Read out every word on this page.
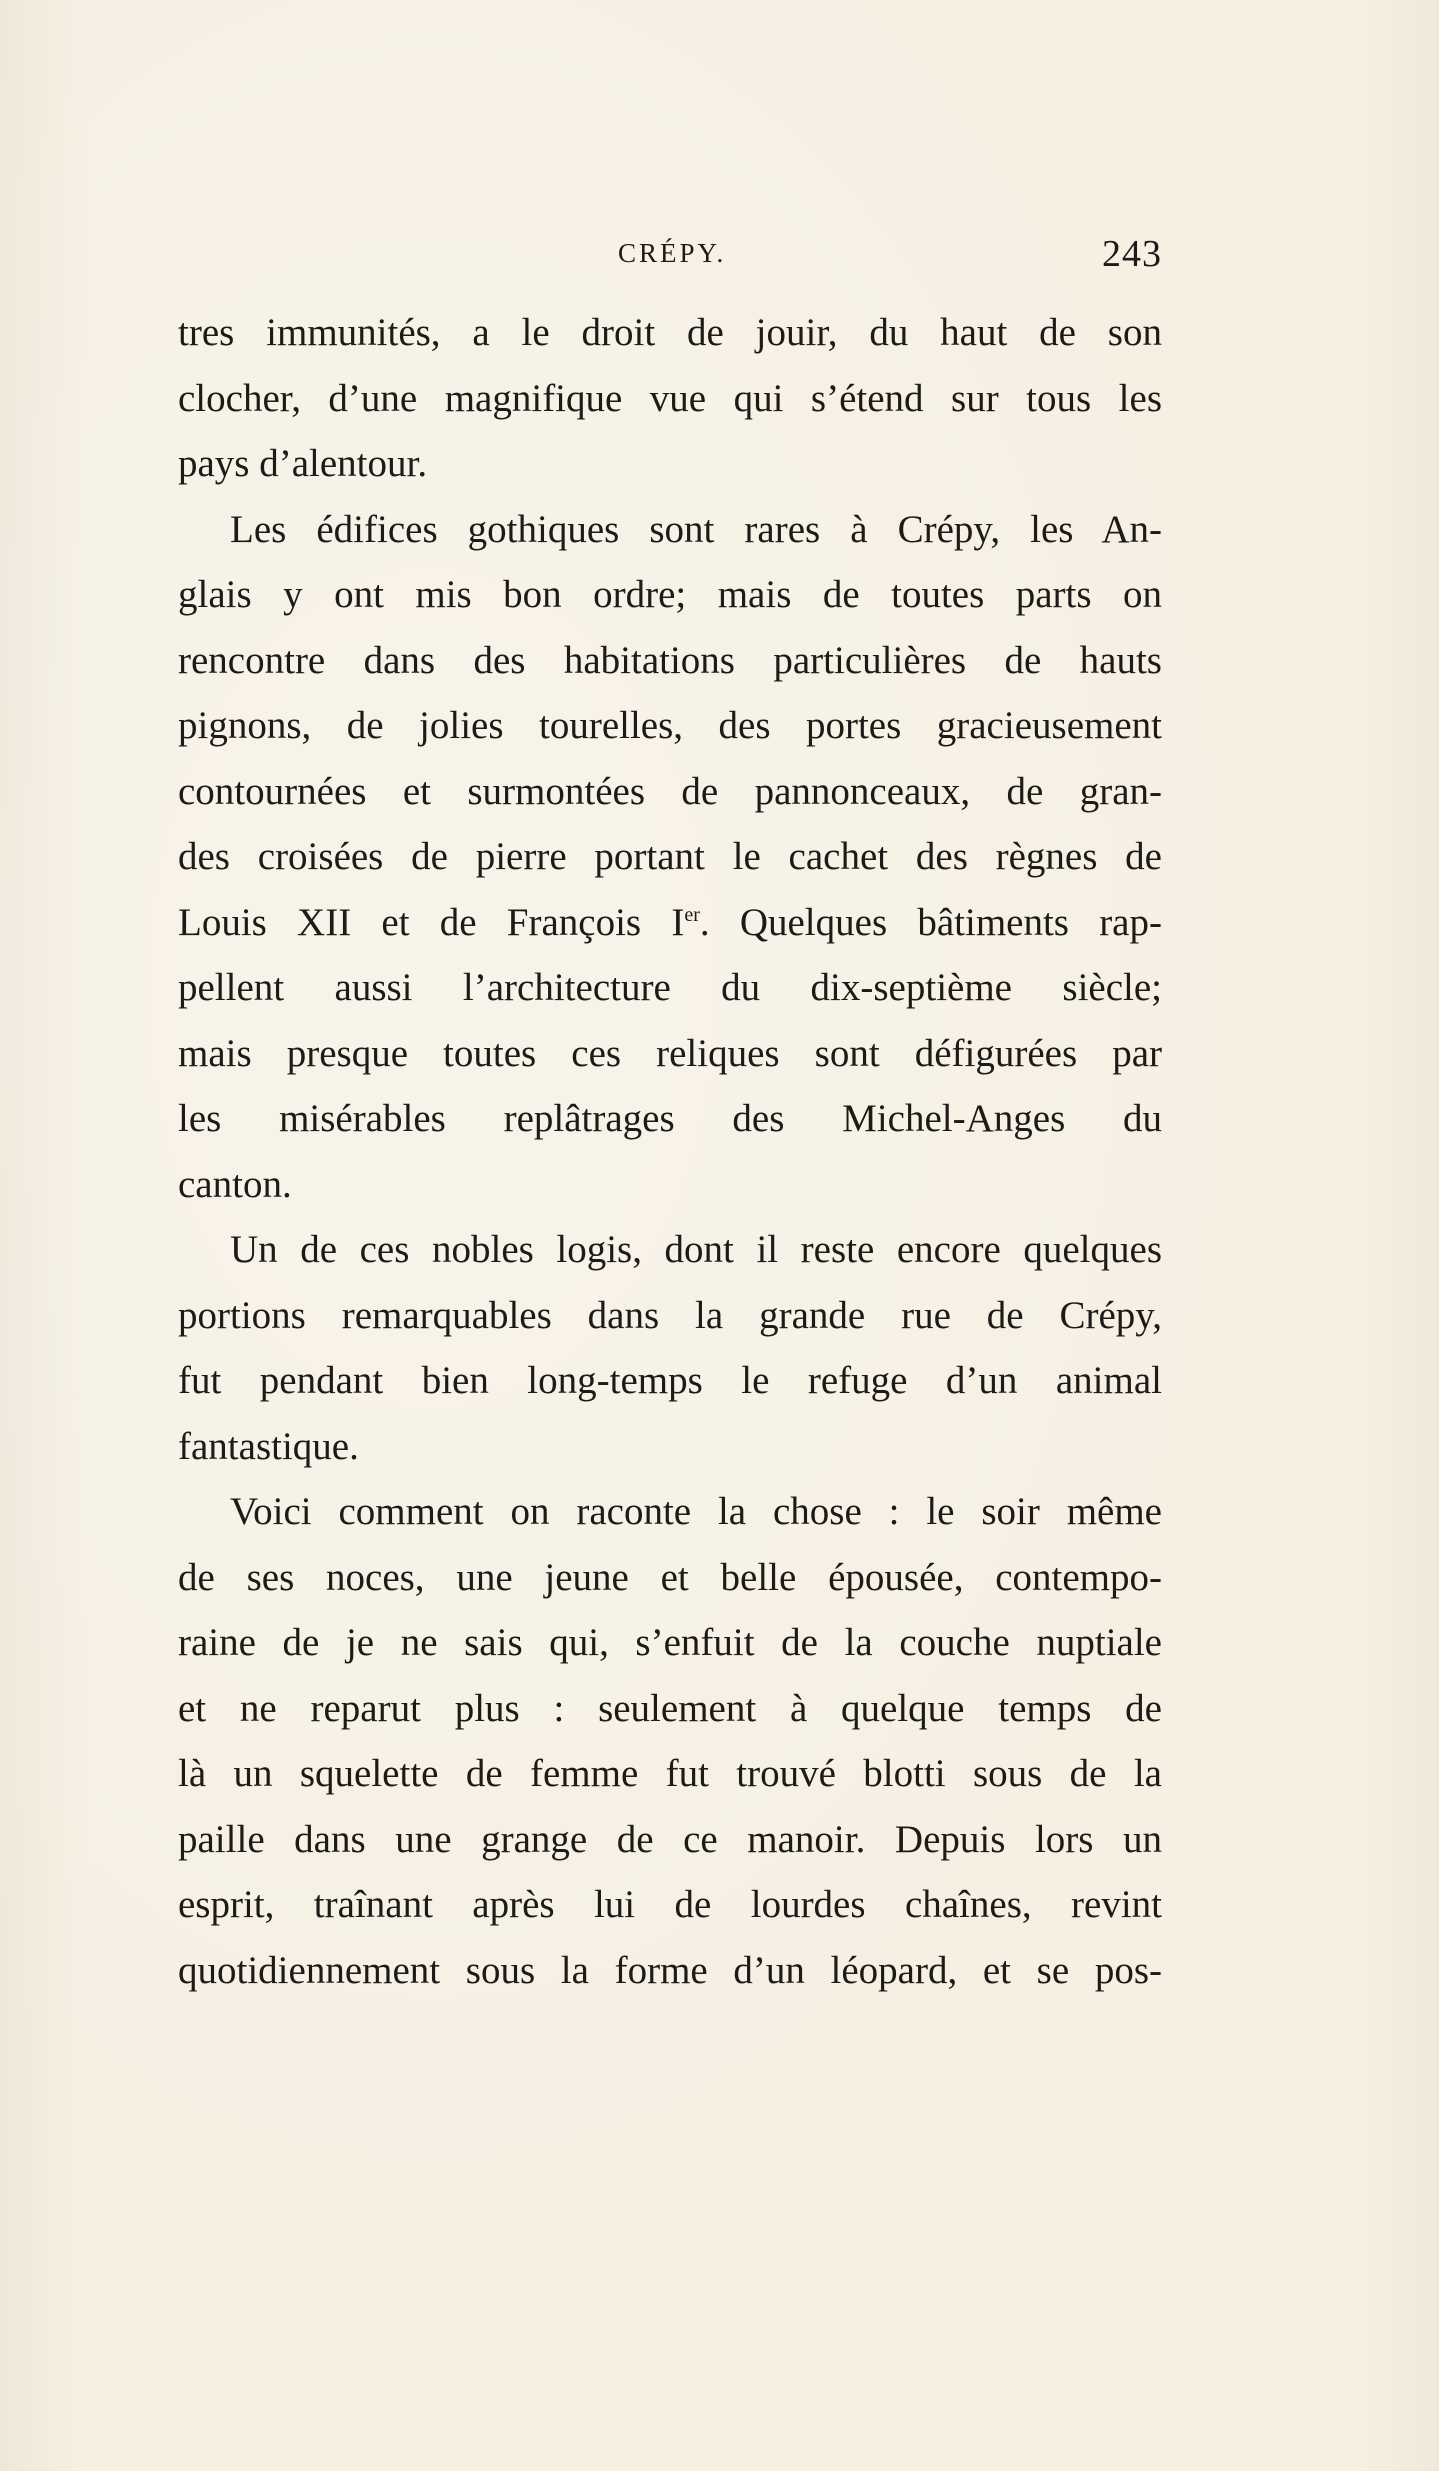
CRÉPY.	243
tres immunités, a le droit de jouir, du haut de son
clocher, d’une magnifique vue qui s’étend sur tous les
pays d’alentour.
Les édifices gothiques sont rares à Crépy, les An-
glais y ont mis bon ordre; mais de toutes parts on
rencontre dans des habitations particulières de hauts
pignons, de jolies tourelles, des portes gracieusement
contournées et surmontées de pannonceaux, de gran-
des croisées de pierre portant le cachet des règnes de
Louis XII et de François Ier. Quelques bâtiments rap-
pellent aussi l’architecture du dix-septième siècle;
mais presque toutes ces reliques sont défigurées par
les misérables replâtrages des Michel-Anges du
canton.
Un de ces nobles logis, dont il reste encore quelques
portions remarquables dans la grande rue de Crépy,
fut pendant bien long-temps le refuge d’un animal
fantastique.
Voici comment on raconte la chose : le soir même
de ses noces, une jeune et belle épousée, contempo-
raine de je ne sais qui, s’enfuit de la couche nuptiale
et ne reparut plus : seulement à quelque temps de
là un squelette de femme fut trouvé blotti sous de la
paille dans une grange de ce manoir. Depuis lors un
esprit, traînant après lui de lourdes chaînes, revint
quotidiennement sous la forme d’un léopard, et se pos-
